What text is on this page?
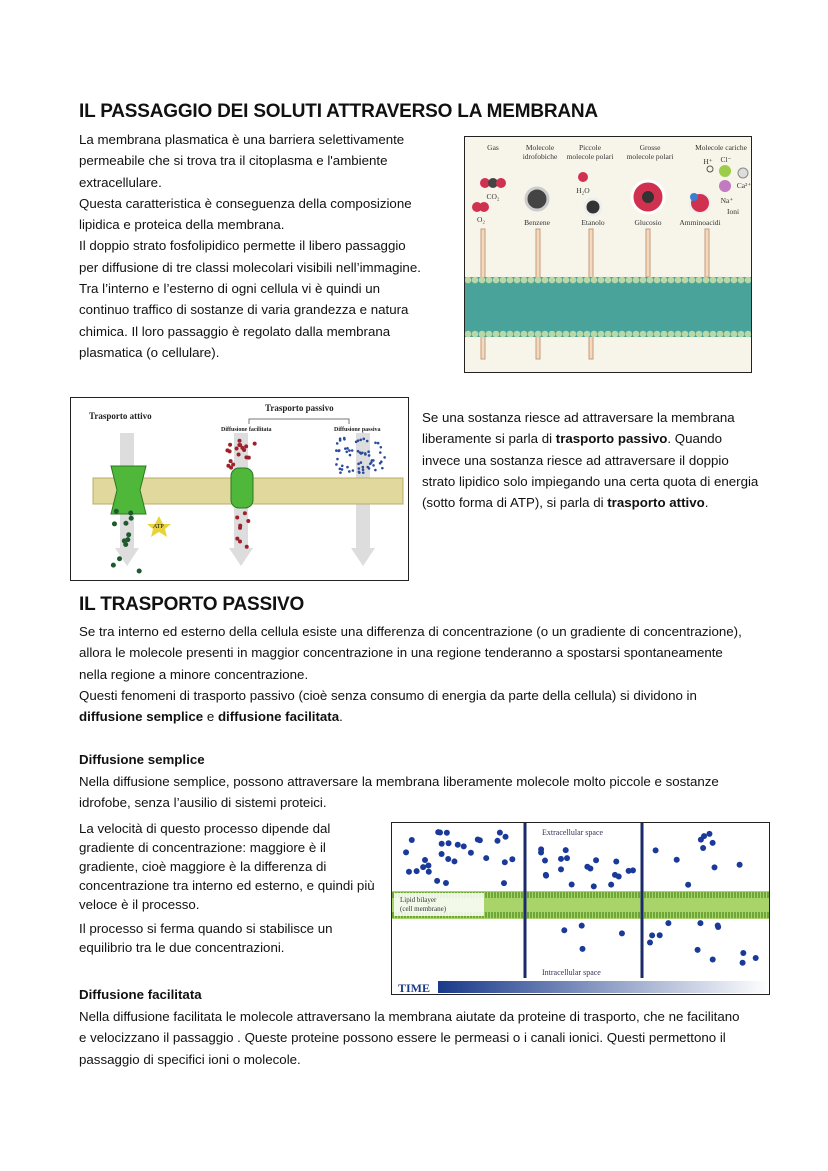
IL PASSAGGIO DEI SOLUTI ATTRAVERSO LA MEMBRANA

La membrana plasmatica è una barriera selettivamente

permeabile che si trova tra il citoplasma e l'ambiente

extracellulare.

Questa caratteristica è conseguenza della composizione

lipidica e proteica della membrana.

Il doppio strato fosfolipidico permette il libero passaggio

per diffusione di tre classi molecolari visibili nell’immagine.

Tra l’interno e l’esterno di ogni cellula vi è quindi un

continuo traffico di sostanze di varia grandezza e natura

chimica. Il loro passaggio è regolato dalla membrana

plasmatica (o cellulare).

Gas	Molecole
idrofobiche
Piccole
molecole polari
Grosse
molecole polari
Molecole cariche
CO₂
O₂	Benzene
H₂O
Etanolo	Glucosio Amminoacidi
H⁺ Cl⁻
Na⁺
Ca²⁺
Ioni
Trasporto attivo
Trasporto passivo
Diffusione facilitata	Diffusione passiva
ATP

Se una sostanza riesce ad attraversare la membrana liberamente si parla di trasporto passivo. Quando invece una sostanza riesce ad attraversare il doppio strato lipidico solo impiegando una certa quota di energia (sotto forma di ATP), si parla di trasporto attivo.

IL TRASPORTO PASSIVO

Se tra interno ed esterno della cellula esiste una differenza di concentrazione (o un gradiente di concentrazione), allora le molecole presenti in maggior concentrazione in una regione tenderanno a spostarsi spontaneamente nella regione a minore concentrazione.

Questi fenomeni di trasporto passivo (cioè senza consumo di energia da parte della cellula) si dividono in diffusione semplice e diffusione facilitata.

Diffusione semplice

Nella diffusione semplice, possono attraversare la membrana liberamente molecole molto piccole e sostanze idrofobe, senza l’ausilio di sistemi proteici.

La velocità di questo processo dipende dal gradiente di concentrazione: maggiore è il gradiente, cioè maggiore è la differenza di concentrazione tra interno ed esterno, e quindi più veloce è il processo.

Il processo si ferma quando si stabilisce un equilibrio tra le due concentrazioni.

Lipid bilayer
(cell membrane)
Extracellular space
Intracellular space
TIME
Diffusione facilitata

Nella diffusione facilitata le molecole attraversano la membrana aiutate da proteine di trasporto, che ne facilitano e velocizzano il passaggio . Queste proteine possono essere le permeasi o i canali ionici. Questi permettono il passaggio di specifici ioni o molecole.
